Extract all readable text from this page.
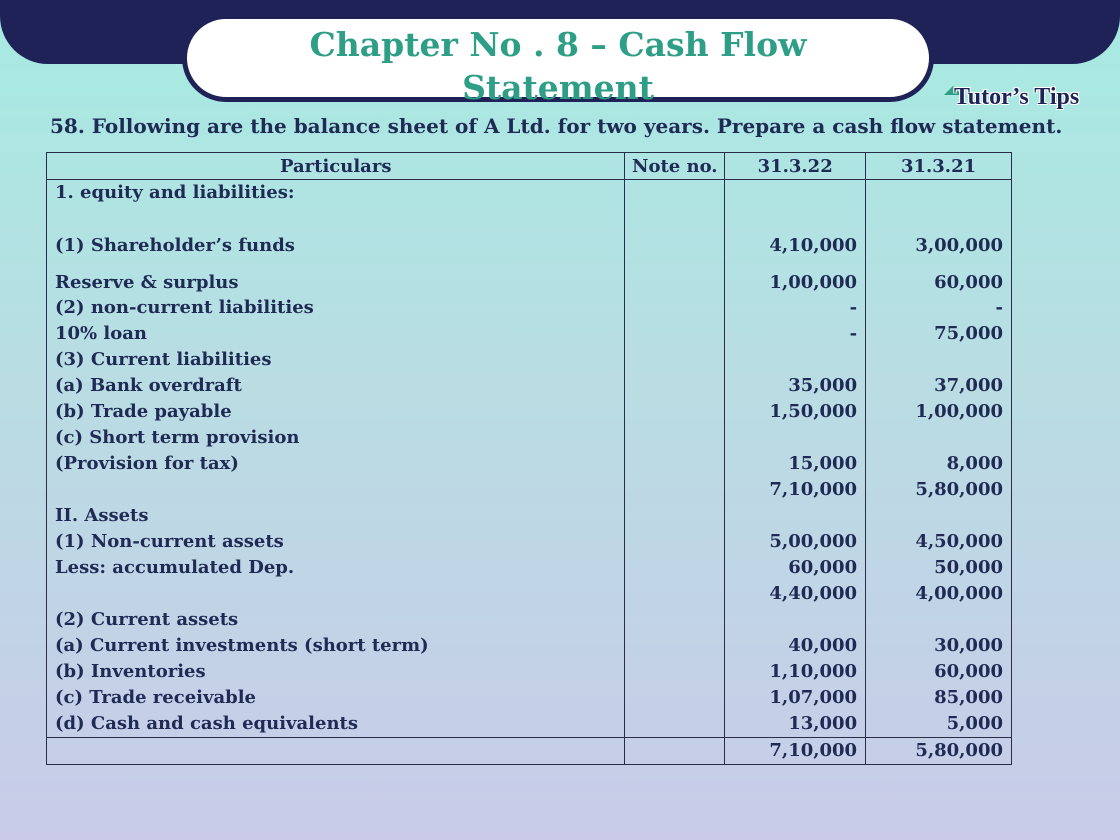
Chapter No . 8 – Cash Flow
Statement	Tutor’s Tips
58. Following are the balance sheet of A Ltd. for two years. Prepare a cash flow statement.
Particulars	Note no.	31.3.22	31.3.21
1. equity and liabilities:			
(1) Shareholder’s funds		4,10,000	3,00,000
Reserve & surplus		1,00,000	60,000
(2) non-current liabilities		-	-
10% loan		-	75,000
(3) Current liabilities			
(a) Bank overdraft		35,000	37,000
(b) Trade payable		1,50,000	1,00,000
(c) Short term provision			
(Provision for tax)		15,000	8,000
		7,10,000	5,80,000
II. Assets			
(1) Non-current assets		5,00,000	4,50,000
Less: accumulated Dep.		60,000	50,000
		4,40,000	4,00,000
(2) Current assets			
(a) Current investments (short term)		40,000	30,000
(b) Inventories		1,10,000	60,000
(c) Trade receivable		1,07,000	85,000
(d) Cash and cash equivalents		13,000	5,000
		7,10,000	5,80,000
